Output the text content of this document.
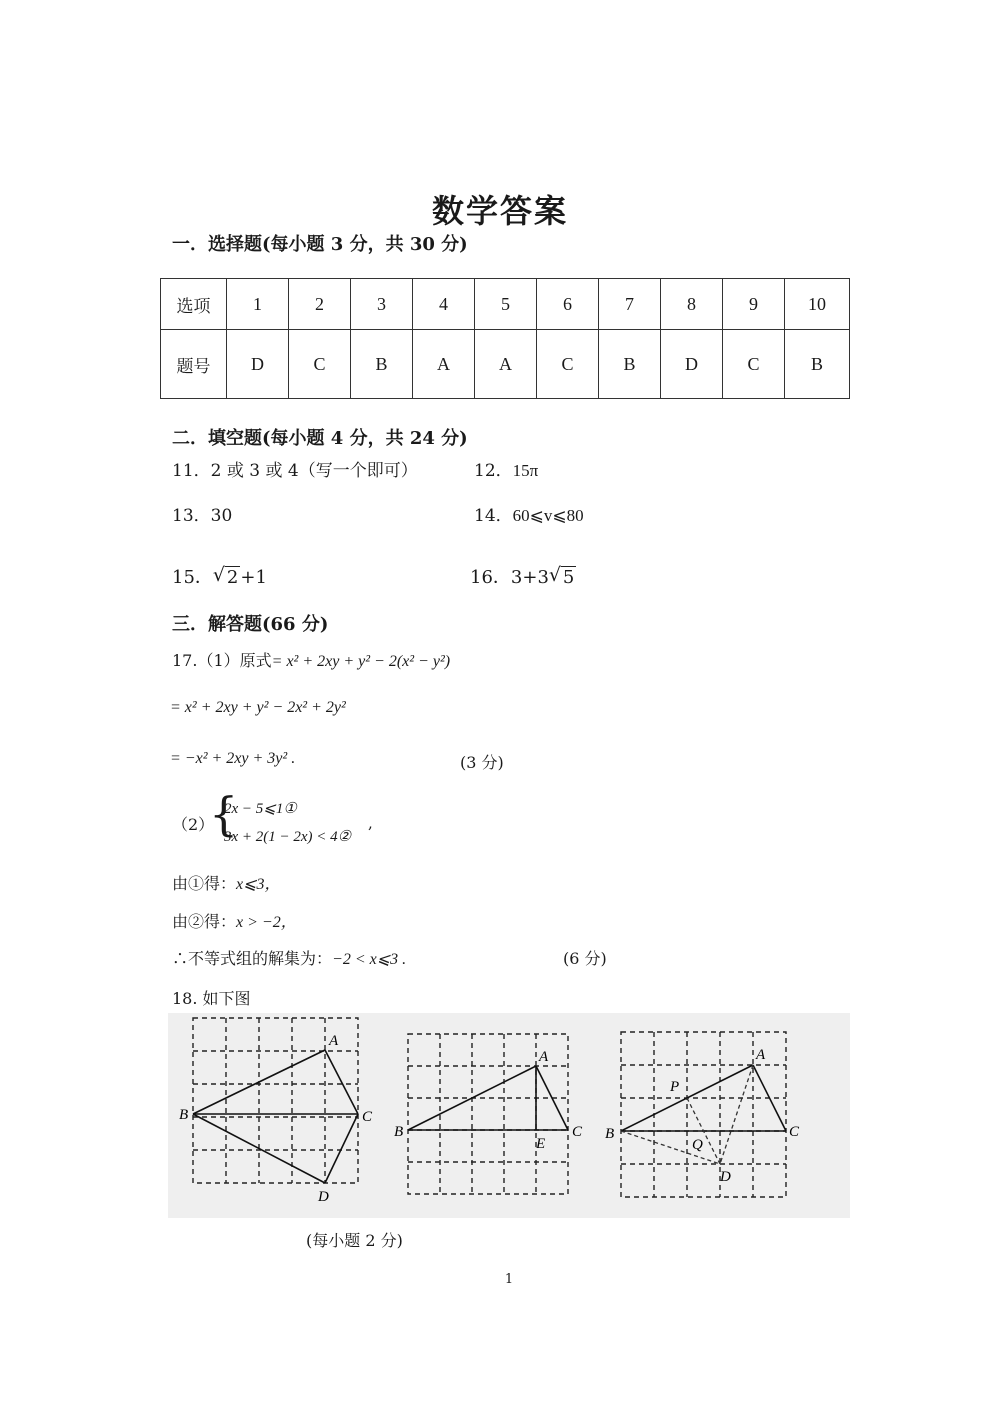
数学答案
一．选择题(每小题 3 分，共 30 分)
选项	1	2	3	4	5	6	7	8	9	10
题号	D	C	B	A	A	C	B	D	C	B
二．填空题(每小题 4 分，共 24 分)
11．2 或 3 或 4（写一个即可）	12．15π
13．30	14．60⩽v⩽80
15． √ 2 +1	16．3+3 √ 5
三．解答题(66 分)
17.（1）原式= x² + 2xy + y² − 2(x² − y²)
= x² + 2xy + y² − 2x² + 2y²
= −x² + 2xy + 3y² .	(3 分)
（2）
{
2x − 5⩽1①
3x + 2(1 − 2x) < 4②
,
由①得：x⩽3，
由②得：x > −2，
∴不等式组的解集为：−2 < x⩽3 .	(6 分)
18. 如下图
A
B	C
D
A
B	C
E
A
B	C
D
P
Q
(每小题 2 分)
1
